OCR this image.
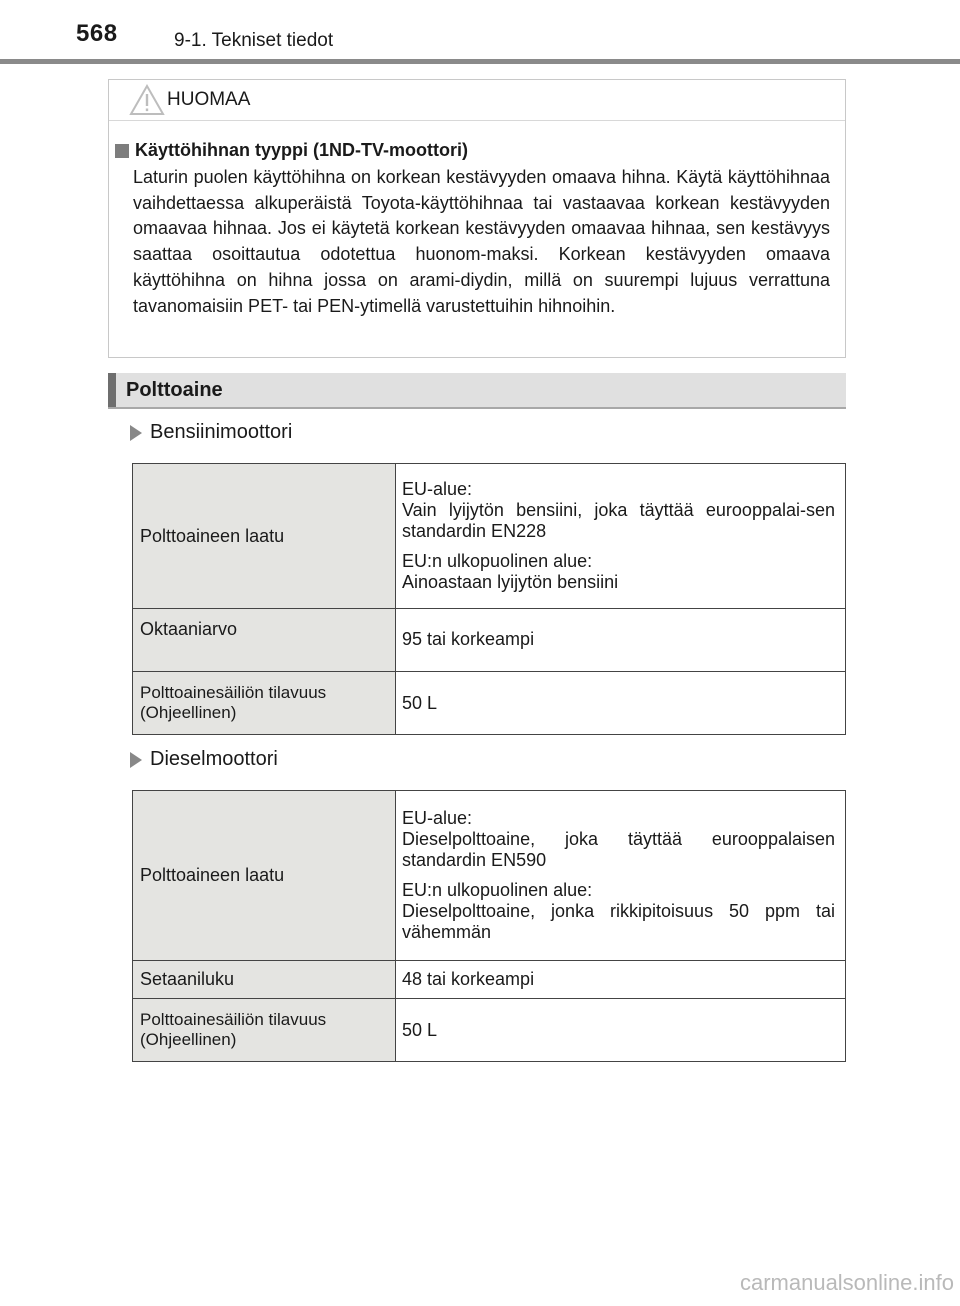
568	9-1. Tekniset tiedot
HUOMAA
Käyttöhihnan tyyppi (1ND-TV-moottori)

Laturin puolen käyttöhihna on korkean kestävyyden omaava hihna. Käytä käyttöhihnaa vaihdettaessa alkuperäistä Toyota-käyttöhihnaa tai vastaavaa korkean kestävyyden omaavaa hihnaa. Jos ei käytetä korkean kestävyyden omaavaa hihnaa, sen kestävyys saattaa osoittautua odotettua huonom-maksi. Korkean kestävyyden omaava käyttöhihna on hihna jossa on arami-diydin, millä on suurempi lujuus verrattuna tavanomaisiin PET- tai PEN-ytimellä varustettuihin hihnoihin.

Polttoaine
Bensiinimoottori
Polttoaineen laatu	EU-alue:
Vain lyijytön bensiini, joka täyttää eurooppalai-sen standardin EN228

EU:n ulkopuolinen alue:
Ainoastaan lyijytön bensiini

Oktaaniarvo	95 tai korkeampi
Polttoainesäiliön tilavuus (Ohjeellinen)	50 L
Dieselmoottori
Polttoaineen laatu	EU-alue:
Dieselpolttoaine, joka täyttää eurooppalaisen standardin EN590

EU:n ulkopuolinen alue:
Dieselpolttoaine, jonka rikkipitoisuus 50 ppm tai vähemmän

Setaaniluku	48 tai korkeampi
Polttoainesäiliön tilavuus (Ohjeellinen)	50 L
carmanualsonline.info
